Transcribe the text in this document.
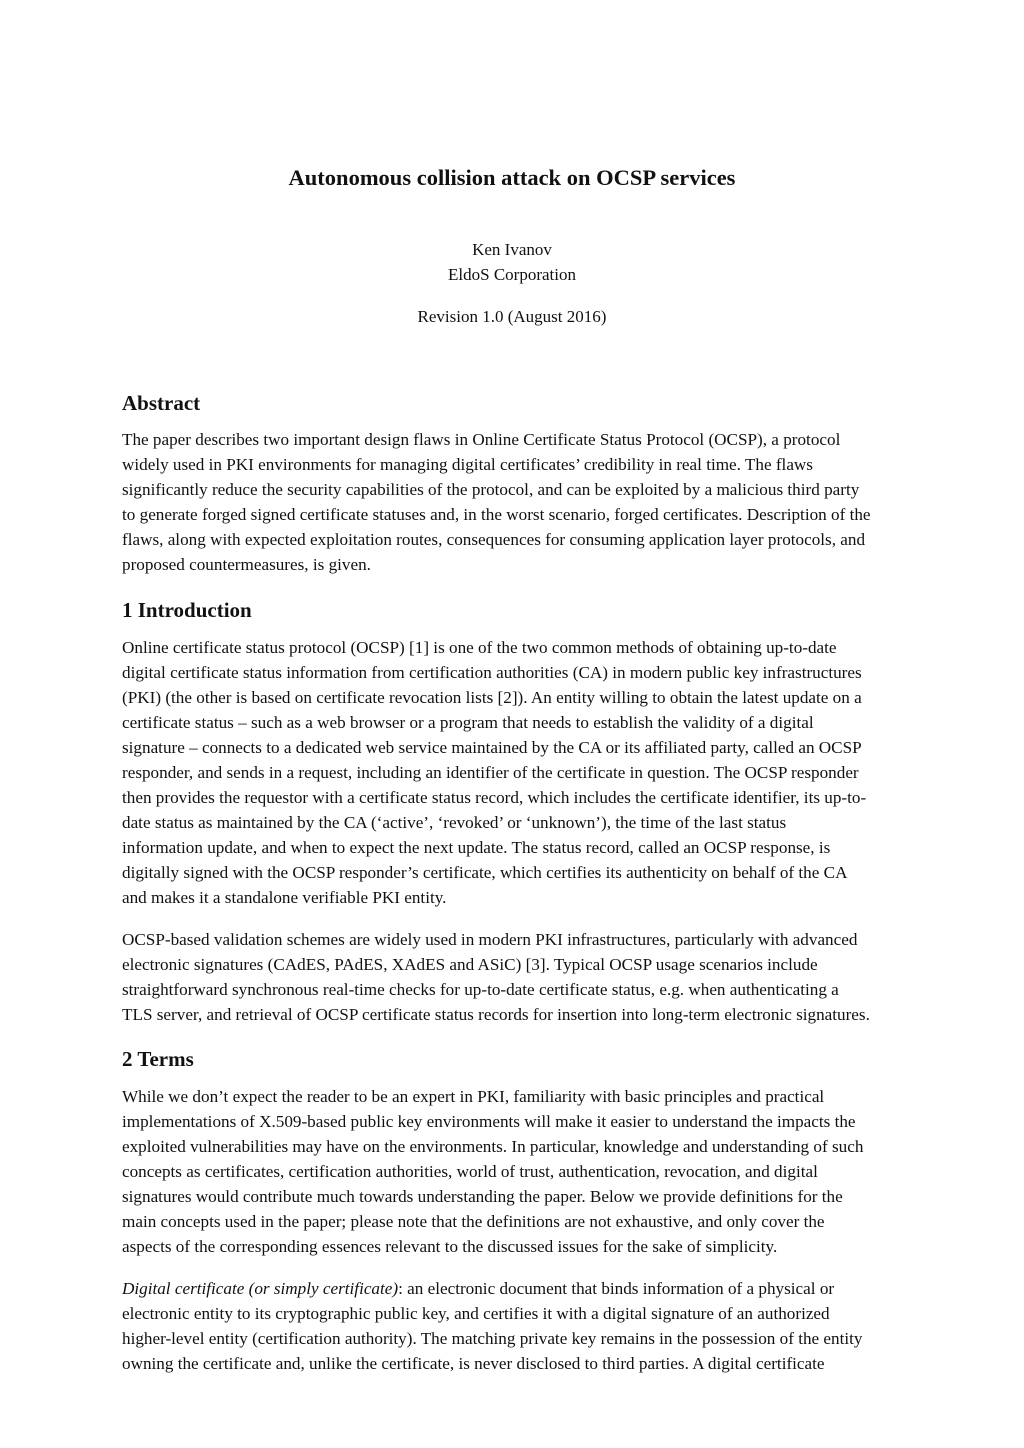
Autonomous collision attack on OCSP services
Ken Ivanov
EldoS Corporation
Revision 1.0 (August 2016)
Abstract
The paper describes two important design flaws in Online Certificate Status Protocol (OCSP), a protocol
widely used in PKI environments for managing digital certificates’ credibility in real time. The flaws
significantly reduce the security capabilities of the protocol, and can be exploited by a malicious third party
to generate forged signed certificate statuses and, in the worst scenario, forged certificates. Description of the
flaws, along with expected exploitation routes, consequences for consuming application layer protocols, and
proposed countermeasures, is given.
1 Introduction
Online certificate status protocol (OCSP) [1] is one of the two common methods of obtaining up-to-date
digital certificate status information from certification authorities (CA) in modern public key infrastructures
(PKI) (the other is based on certificate revocation lists [2]). An entity willing to obtain the latest update on a
certificate status – such as a web browser or a program that needs to establish the validity of a digital
signature – connects to a dedicated web service maintained by the CA or its affiliated party, called an OCSP
responder, and sends in a request, including an identifier of the certificate in question. The OCSP responder
then provides the requestor with a certificate status record, which includes the certificate identifier, its up-to-
date status as maintained by the CA (‘active’, ‘revoked’ or ‘unknown’), the time of the last status
information update, and when to expect the next update. The status record, called an OCSP response, is
digitally signed with the OCSP responder’s certificate, which certifies its authenticity on behalf of the CA
and makes it a standalone verifiable PKI entity.
OCSP-based validation schemes are widely used in modern PKI infrastructures, particularly with advanced
electronic signatures (CAdES, PAdES, XAdES and ASiC) [3]. Typical OCSP usage scenarios include
straightforward synchronous real-time checks for up-to-date certificate status, e.g. when authenticating a
TLS server, and retrieval of OCSP certificate status records for insertion into long-term electronic signatures.
2 Terms
While we don’t expect the reader to be an expert in PKI, familiarity with basic principles and practical
implementations of X.509-based public key environments will make it easier to understand the impacts the
exploited vulnerabilities may have on the environments. In particular, knowledge and understanding of such
concepts as certificates, certification authorities, world of trust, authentication, revocation, and digital
signatures would contribute much towards understanding the paper. Below we provide definitions for the
main concepts used in the paper; please note that the definitions are not exhaustive, and only cover the
aspects of the corresponding essences relevant to the discussed issues for the sake of simplicity.
Digital certificate (or simply certificate): an electronic document that binds information of a physical or
electronic entity to its cryptographic public key, and certifies it with a digital signature of an authorized
higher-level entity (certification authority). The matching private key remains in the possession of the entity
owning the certificate and, unlike the certificate, is never disclosed to third parties. A digital certificate
